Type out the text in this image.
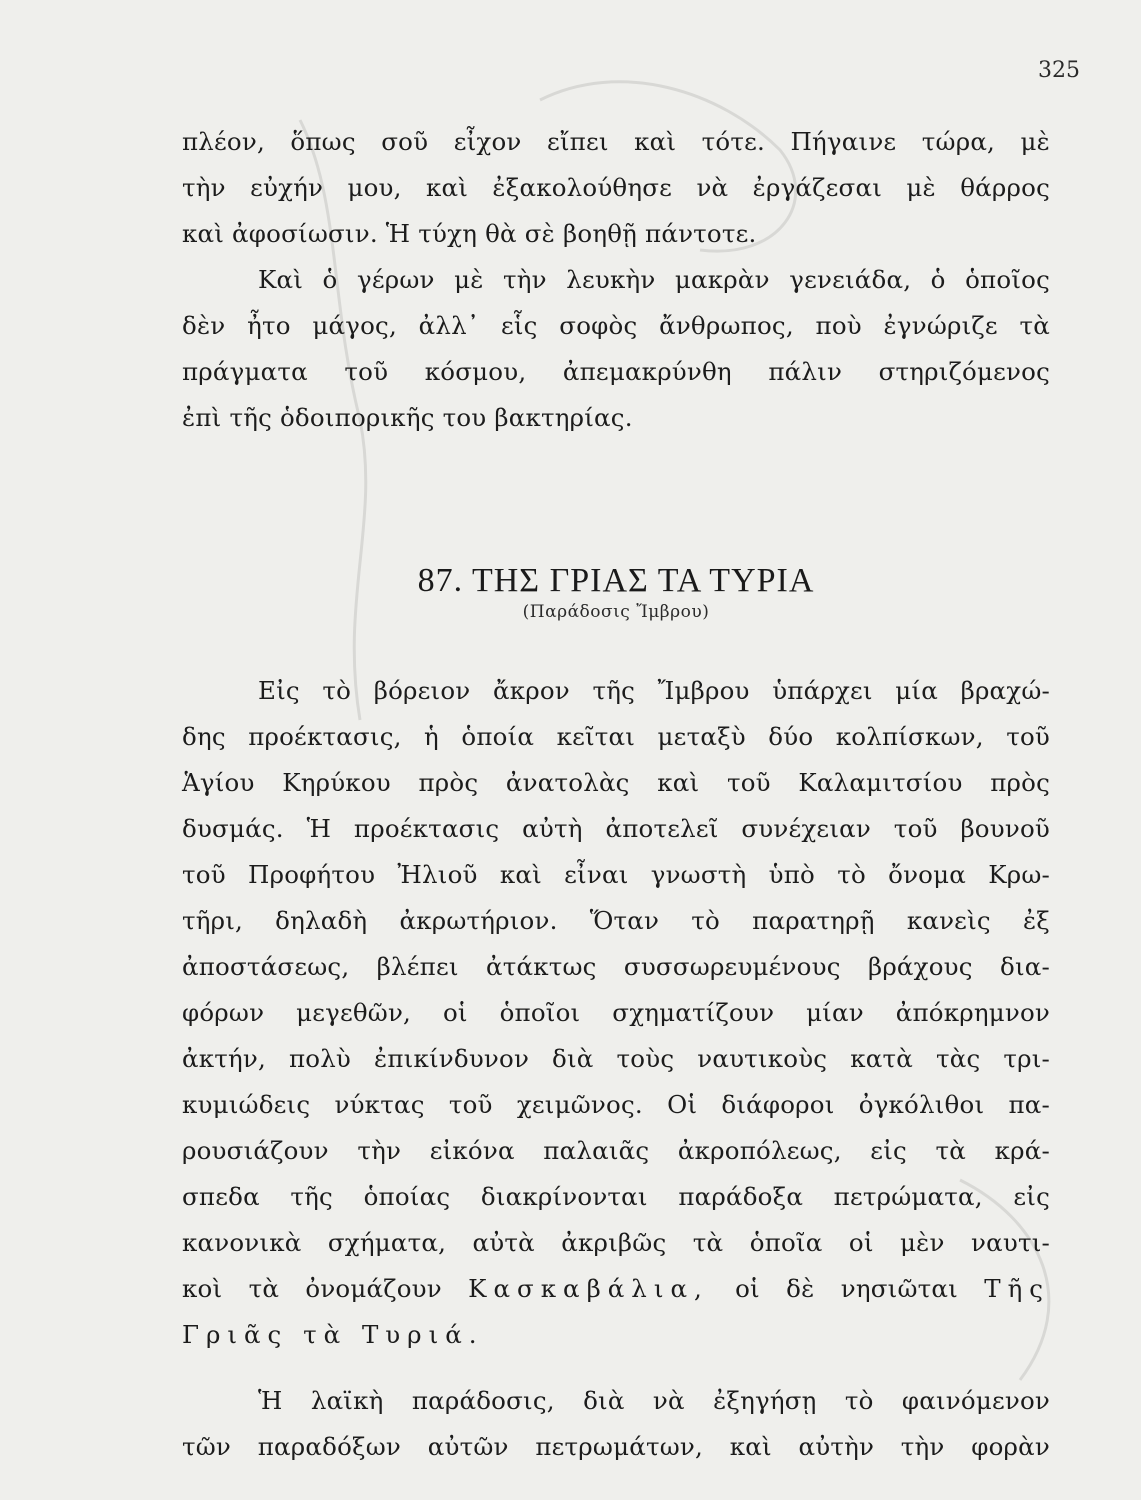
325
πλέον, ὅπως σοῦ εἶχον εἴπει καὶ τότε. Πήγαινε τώρα, μὲ
τὴν εὐχήν μου, καὶ ἐξακολούθησε νὰ ἐργάζεσαι μὲ θάρρος
καὶ ἀφοσίωσιν. Ἡ τύχη θὰ σὲ βοηθῇ πάντοτε.
Καὶ ὁ γέρων μὲ τὴν λευκὴν μακρὰν γενειάδα, ὁ ὁποῖος
δὲν ἦτο μάγος, ἀλλ᾽ εἷς σοφὸς ἄνθρωπος, ποὺ ἐγνώριζε τὰ
πράγματα τοῦ κόσμου, ἀπεμακρύνθη πάλιν στηριζόμενος
ἐπὶ τῆς ὁδοιπορικῆς του βακτηρίας.
87. ΤΗΣ ΓΡΙΑΣ ΤΑ ΤΥΡΙΑ
(Παράδοσις Ἴμβρου)
Εἰς τὸ βόρειον ἄκρον τῆς Ἴμβρου ὑπάρχει μία βραχώ-
δης προέκτασις, ἡ ὁποία κεῖται μεταξὺ δύο κολπίσκων, τοῦ
Ἁγίου Κηρύκου πρὸς ἀνατολὰς καὶ τοῦ Καλαμιτσίου πρὸς
δυσμάς. Ἡ προέκτασις αὐτὴ ἀποτελεῖ συνέχειαν τοῦ βουνοῦ
τοῦ Προφήτου Ἠλιοῦ καὶ εἶναι γνωστὴ ὑπὸ τὸ ὄνομα Κρω-
τῆρι, δηλαδὴ ἀκρωτήριον. Ὅταν τὸ παρατηρῇ κανεὶς ἐξ
ἀποστάσεως, βλέπει ἀτάκτως συσσωρευμένους βράχους δια-
φόρων μεγεθῶν, οἱ ὁποῖοι σχηματίζουν μίαν ἀπόκρημνον
ἀκτήν, πολὺ ἐπικίνδυνον διὰ τοὺς ναυτικοὺς κατὰ τὰς τρι-
κυμιώδεις νύκτας τοῦ χειμῶνος. Οἱ διάφοροι ὀγκόλιθοι πα-
ρουσιάζουν τὴν εἰκόνα παλαιᾶς ἀκροπόλεως, εἰς τὰ κρά-
σπεδα τῆς ὁποίας διακρίνονται παράδοξα πετρώματα, εἰς
κανονικὰ σχήματα, αὐτὰ ἀκριβῶς τὰ ὁποῖα οἱ μὲν ναυτι-
κοὶ τὰ ὀνομάζουν Κασκαβάλια, οἱ δὲ νησιῶται Τῆς
Γριᾶς τὰ Τυριά.
Ἡ λαϊκὴ παράδοσις, διὰ νὰ ἐξηγήσῃ τὸ φαινόμενον
τῶν παραδόξων αὐτῶν πετρωμάτων, καὶ αὐτὴν τὴν φορὰν
